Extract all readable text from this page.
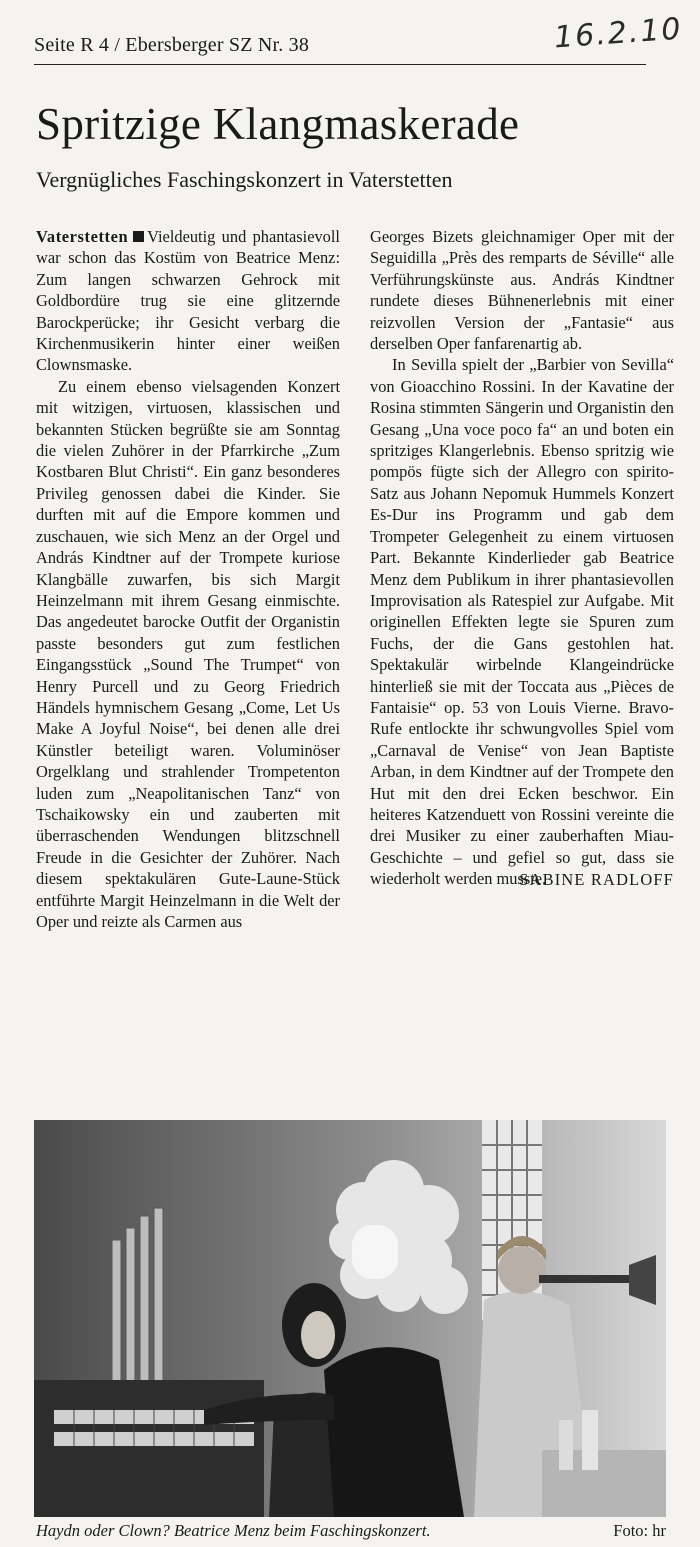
Seite R 4 / Ebersberger SZ Nr. 38	16.2.10
Spritzige Klangmaskerade
Vergnügliches Faschingskonzert in Vaterstetten

Vaterstetten Vieldeutig und phantasievoll war schon das Kostüm von Beatrice Menz: Zum langen schwarzen Gehrock mit Goldbordüre trug sie eine glitzernde Barockperücke; ihr Gesicht verbarg die Kirchenmusikerin hinter einer weißen Clownsmaske.

Zu einem ebenso vielsagenden Konzert mit witzigen, virtuosen, klassischen und bekannten Stücken begrüßte sie am Sonntag die vielen Zuhörer in der Pfarrkirche „Zum Kostbaren Blut Christi“. Ein ganz besonderes Privileg genossen dabei die Kinder. Sie durften mit auf die Empore kommen und zuschauen, wie sich Menz an der Orgel und András Kindtner auf der Trompete kuriose Klangbälle zuwarfen, bis sich Margit Heinzelmann mit ihrem Gesang einmischte. Das angedeutet barocke Outfit der Organistin passte besonders gut zum festlichen Eingangsstück „Sound The Trumpet“ von Henry Purcell und zu Georg Friedrich Händels hymnischem Gesang „Come, Let Us Make A Joyful Noise“, bei denen alle drei Künstler beteiligt waren. Voluminöser Orgelklang und strahlender Trompetenton luden zum „Neapolitanischen Tanz“ von Tschaikowsky ein und zauberten mit überraschenden Wendungen blitzschnell Freude in die Gesichter der Zuhörer. Nach diesem spektakulären Gute-Laune-Stück entführte Margit Heinzelmann in die Welt der Oper und reizte als Carmen aus

Georges Bizets gleichnamiger Oper mit der Seguidilla „Près des remparts de Séville“ alle Verführungskünste aus. András Kindtner rundete dieses Bühnenerlebnis mit einer reizvollen Version der „Fantasie“ aus derselben Oper fanfarenartig ab.

In Sevilla spielt der „Barbier von Sevilla“ von Gioacchino Rossini. In der Kavatine der Rosina stimmten Sängerin und Organistin den Gesang „Una voce poco fa“ an und boten ein spritziges Klangerlebnis. Ebenso spritzig wie pompös fügte sich der Allegro con spirito-Satz aus Johann Nepomuk Hummels Konzert Es-Dur ins Programm und gab dem Trompeter Gelegenheit zu einem virtuosen Part. Bekannte Kinderlieder gab Beatrice Menz dem Publikum in ihrer phantasievollen Improvisation als Ratespiel zur Aufgabe. Mit originellen Effekten legte sie Spuren zum Fuchs, der die Gans gestohlen hat. Spektakulär wirbelnde Klangeindrücke hinterließ sie mit der Toccata aus „Pièces de Fantaisie“ op. 53 von Louis Vierne. Bravo-Rufe entlockte ihr schwungvolles Spiel vom „Carnaval de Venise“ von Jean Baptiste Arban, in dem Kindtner auf der Trompete den Hut mit den drei Ecken beschwor. Ein heiteres Katzenduett von Rossini vereinte die drei Musiker zu einer zauberhaften Miau-Geschichte – und gefiel so gut, dass sie wiederholt werden musste.

SABINE RADLOFF
Haydn oder Clown? Beatrice Menz beim Faschingskonzert.	Foto: hr
